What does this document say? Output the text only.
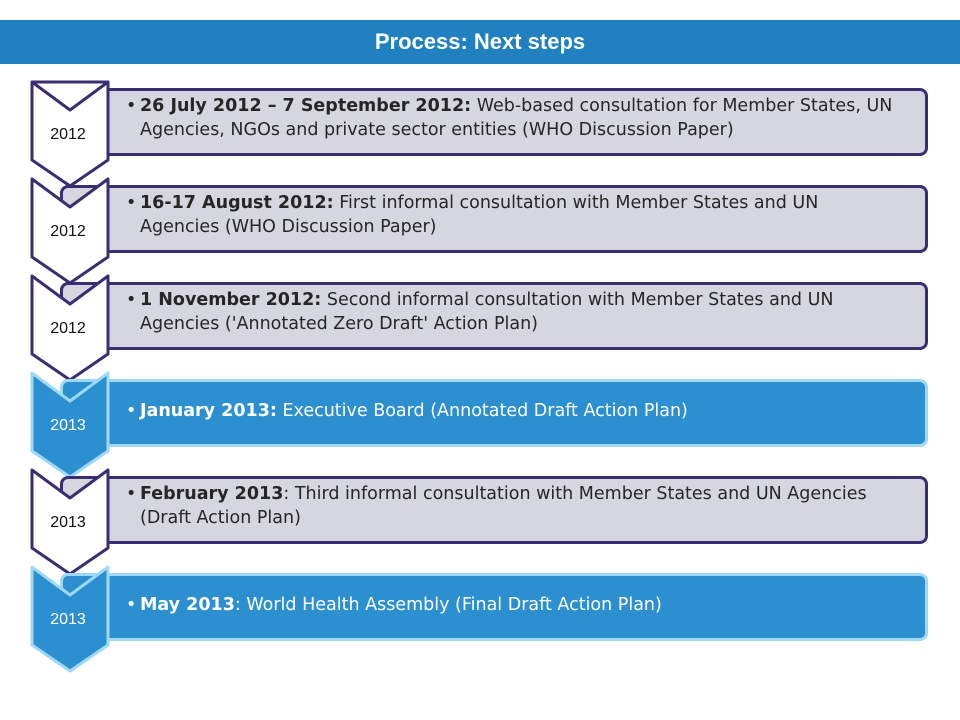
Process: Next steps
2012
• 26 July 2012 – 7 September 2012: Web-based consultation for Member States, UN Agencies, NGOs and private sector entities (WHO Discussion Paper)
2012
• 16-17 August 2012: First informal consultation with Member States and UN Agencies (WHO Discussion Paper)
2012
• 1 November 2012: Second informal consultation with Member States and UN Agencies ('Annotated Zero Draft' Action Plan)
2013
• January 2013: Executive Board (Annotated Draft Action Plan)
2013
• February 2013: Third informal consultation with Member States and UN Agencies (Draft Action Plan)
2013
• May 2013: World Health Assembly (Final Draft Action Plan)
